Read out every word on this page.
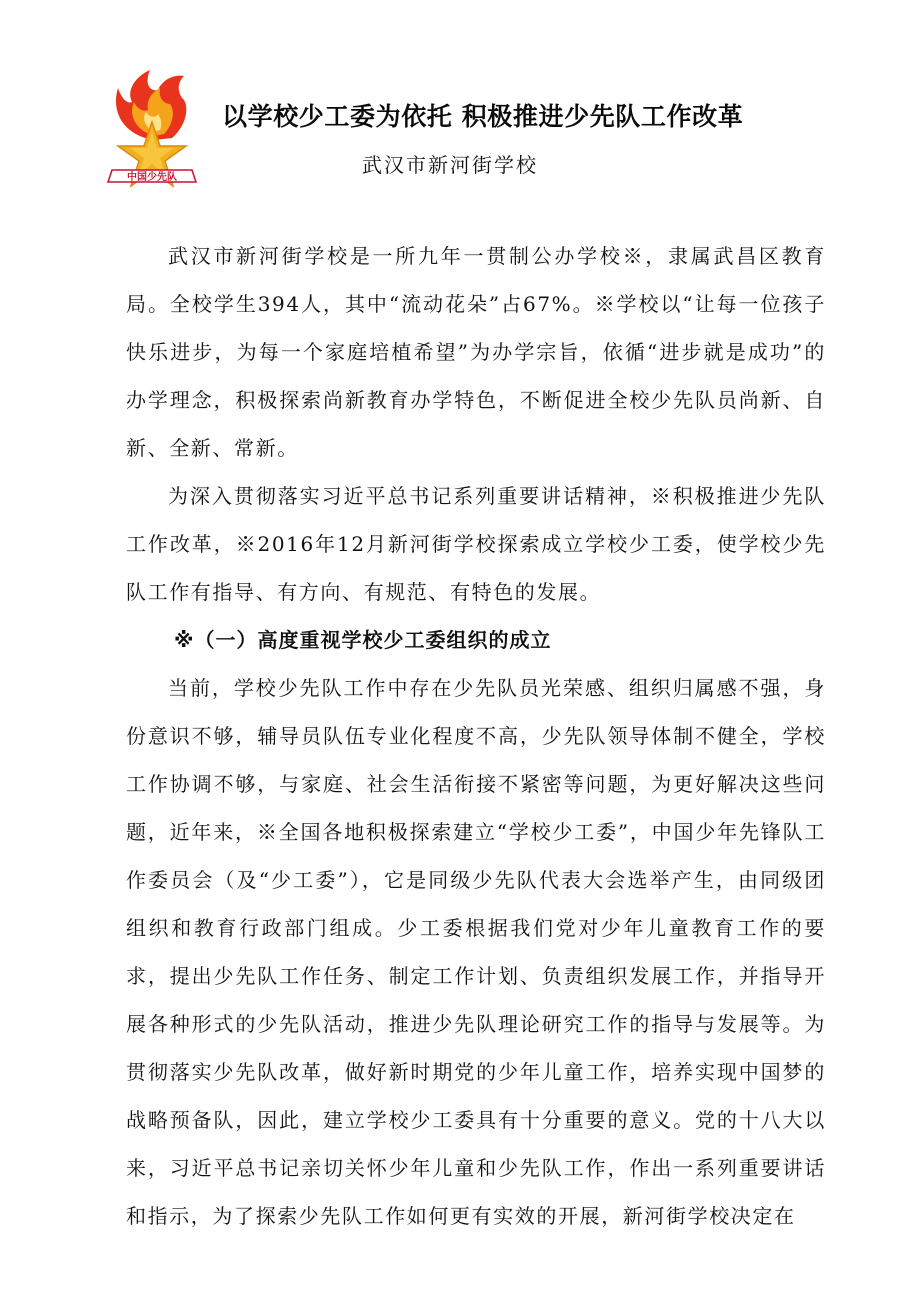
中国少先队
以学校少工委为依托 积极推进少先队工作改革

武汉市新河街学校

武汉市新河街学校是一所九年一贯制公办学校※，隶属武昌区教育局。全校学生394人，其中“流动花朵”占67%。※学校以“让每一位孩子快乐进步，为每一个家庭培植希望”为办学宗旨，依循“进步就是成功”的办学理念，积极探索尚新教育办学特色，不断促进全校少先队员尚新、自新、全新、常新。

为深入贯彻落实习近平总书记系列重要讲话精神，※积极推进少先队工作改革，※2016年12月新河街学校探索成立学校少工委，使学校少先队工作有指导、有方向、有规范、有特色的发展。

※（一）高度重视学校少工委组织的成立

当前，学校少先队工作中存在少先队员光荣感、组织归属感不强，身份意识不够，辅导员队伍专业化程度不高，少先队领导体制不健全，学校工作协调不够，与家庭、社会生活衔接不紧密等问题，为更好解决这些问题，近年来，※全国各地积极探索建立“学校少工委”，中国少年先锋队工作委员会（及“少工委”），它是同级少先队代表大会选举产生，由同级团组织和教育行政部门组成。少工委根据我们党对少年儿童教育工作的要求，提出少先队工作任务、制定工作计划、负责组织发展工作，并指导开展各种形式的少先队活动，推进少先队理论研究工作的指导与发展等。为贯彻落实少先队改革，做好新时期党的少年儿童工作，培养实现中国梦的战略预备队，因此，建立学校少工委具有十分重要的意义。党的十八大以来，习近平总书记亲切关怀少年儿童和少先队工作，作出一系列重要讲话和指示，为了探索少先队工作如何更有实效的开展，新河街学校决定在
